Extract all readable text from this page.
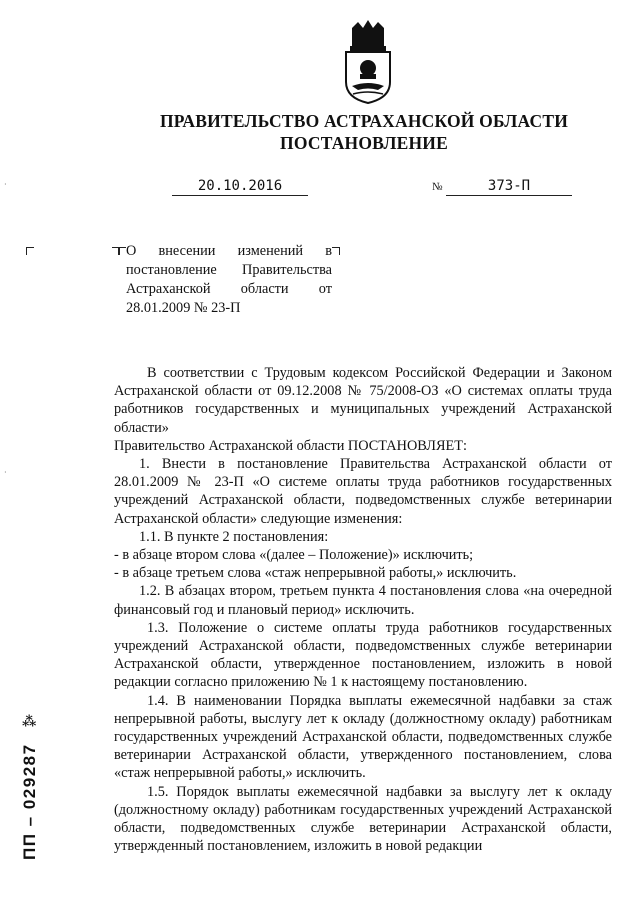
ПРАВИТЕЛЬСТВО АСТРАХАНСКОЙ ОБЛАСТИ
ПОСТАНОВЛЕНИЕ
20.10.2016	№	373-П
О внесении изменений в
постановление Правительства
Астраханской области от
28.01.2009 № 23-П

В соответствии с Трудовым кодексом Российской Федерации и Законом Астраханской области от 09.12.2008 № 75/2008-ОЗ «О системах оплаты труда работников государственных и муниципальных учреждений Астраханской области»

Правительство Астраханской области ПОСТАНОВЛЯЕТ:

1. Внести в постановление Правительства Астраханской области от 28.01.2009 № 23-П «О системе оплаты труда работников государственных учреждений Астраханской области, подведомственных службе ветеринарии Астраханской области» следующие изменения:

1.1. В пункте 2 постановления:

- в абзаце втором слова «(далее – Положение)» исключить;

- в абзаце третьем слова «стаж непрерывной работы,» исключить.

1.2. В абзацах втором, третьем пункта 4 постановления слова «на очередной финансовый год и плановый период» исключить.

1.3. Положение о системе оплаты труда работников государственных учреждений Астраханской области, подведомственных службе ветеринарии Астраханской области, утвержденное постановлением, изложить в новой редакции согласно приложению № 1 к настоящему постановлению.

1.4. В наименовании Порядка выплаты ежемесячной надбавки за стаж непрерывной работы, выслугу лет к окладу (должностному окладу) работникам государственных учреждений Астраханской области, подведомственных службе ветеринарии Астраханской области, утвержденного постановлением, слова «стаж непрерывной работы,» исключить.

1.5. Порядок выплаты ежемесячной надбавки за выслугу лет к окладу (должностному окладу) работникам государственных учреждений Астраханской области, подведомственных службе ветеринарии Астраханской области, утвержденный постановлением, изложить в новой редакции

ПП – 029287
⁂
·
·
